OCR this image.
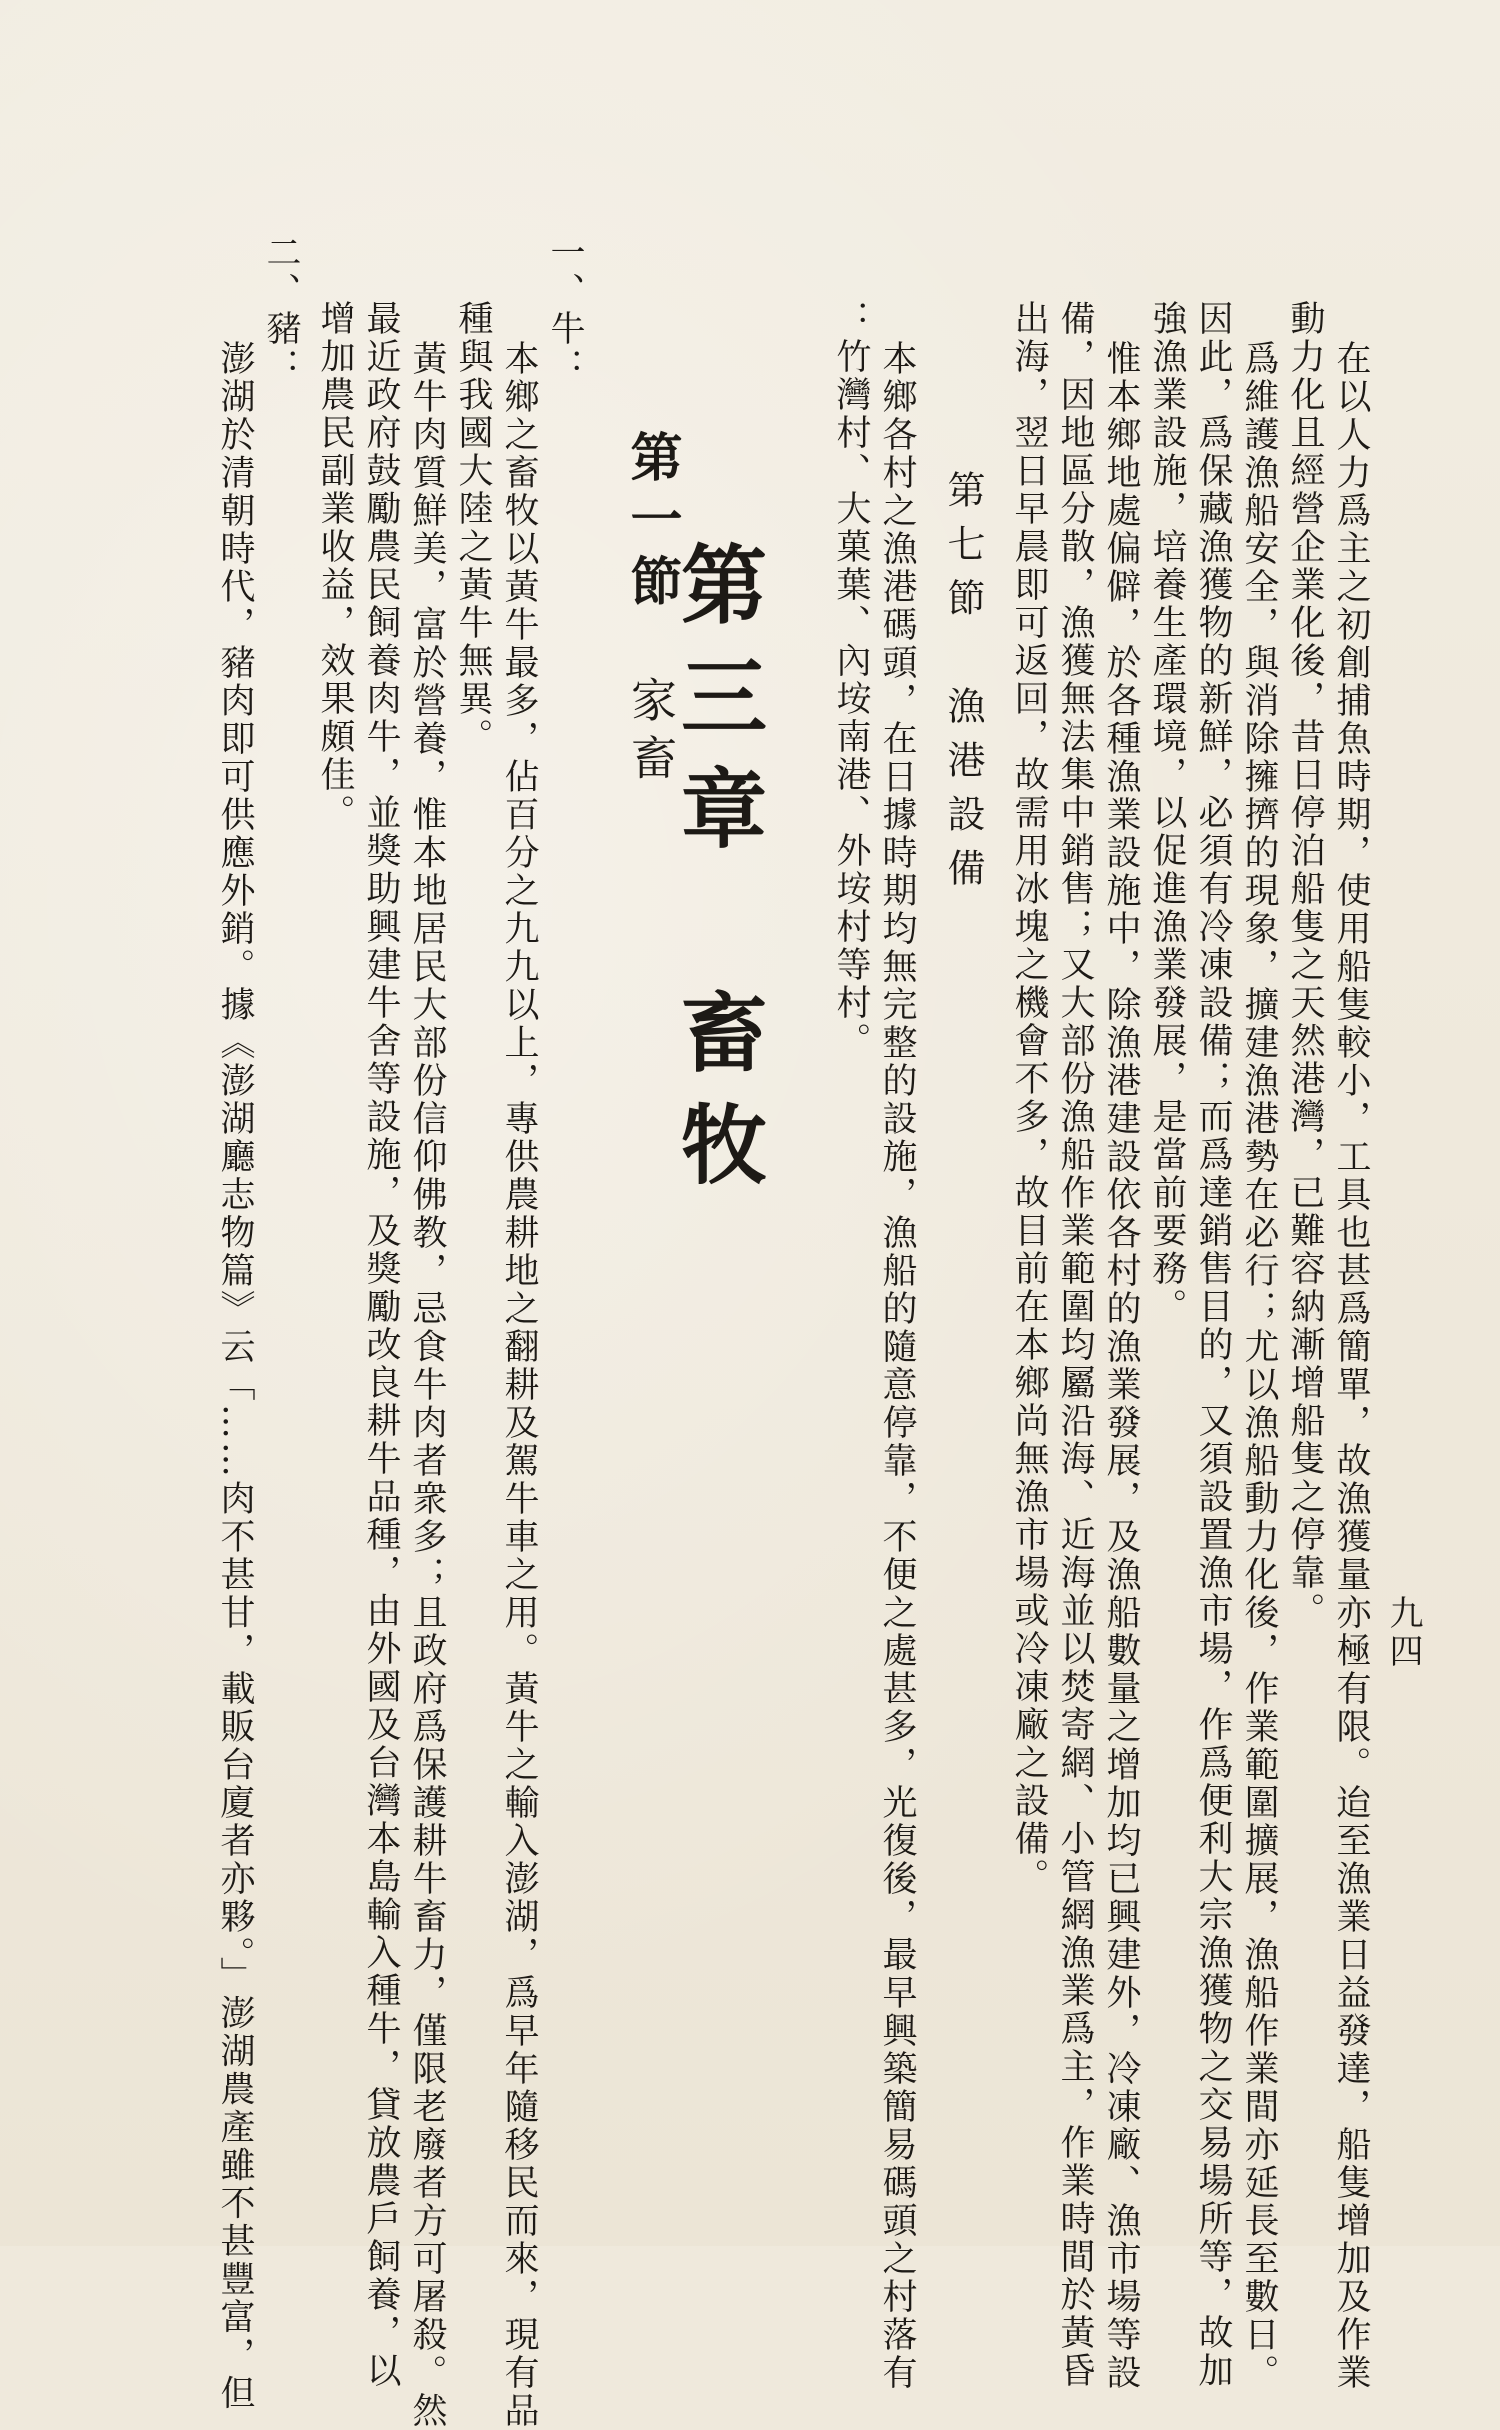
九四
在以人力爲主之初創捕魚時期，使用船隻較小，工具也甚爲簡單，故漁獲量亦極有限。迨至漁業日益發達，船隻增加及作業
動力化且經營企業化後，昔日停泊船隻之天然港灣，已難容納漸增船隻之停靠。
爲維護漁船安全，與消除擁擠的現象，擴建漁港勢在必行；尤以漁船動力化後，作業範圍擴展，漁船作業間亦延長至數日。
因此，爲保藏漁獲物的新鮮，必須有冷凍設備；而爲達銷售目的，又須設置漁市場，作爲便利大宗漁獲物之交易場所等，故加
強漁業設施，培養生產環境，以促進漁業發展，是當前要務。
惟本鄉地處偏僻，於各種漁業設施中，除漁港建設依各村的漁業發展，及漁船數量之增加均已興建外，冷凍廠、漁市場等設
備，因地區分散，漁獲無法集中銷售；又大部份漁船作業範圍均屬沿海、近海並以焚寄網、小管網漁業爲主，作業時間於黃昏
出海，翌日早晨即可返回，故需用冰塊之機會不多，故目前在本鄉尚無漁市場或冷凍廠之設備。
第七節　漁港設備
本鄉各村之漁港碼頭，在日據時期均無完整的設施，漁船的隨意停靠，不便之處甚多，光復後，最早興築簡易碼頭之村落有
：竹灣村、大菓葉、內垵南港、外垵村等村。
第三章　畜牧
第一節家畜
一、牛：
本鄉之畜牧以黃牛最多，佔百分之九九以上，專供農耕地之翻耕及駕牛車之用。黃牛之輸入澎湖，爲早年隨移民而來，現有品
種與我國大陸之黃牛無異。
黃牛肉質鮮美，富於營養，惟本地居民大部份信仰佛教，忌食牛肉者衆多；且政府爲保護耕牛畜力，僅限老廢者方可屠殺。然
最近政府鼓勵農民飼養肉牛，並獎助興建牛舍等設施，及獎勵改良耕牛品種，由外國及台灣本島輸入種牛，貸放農戶飼養，以
增加農民副業收益，效果頗佳。
二、豬：
澎湖於清朝時代，豬肉即可供應外銷。據《澎湖廳志物篇》云「……肉不甚甘，載販台廈者亦夥。」澎湖農產雖不甚豐富，但
